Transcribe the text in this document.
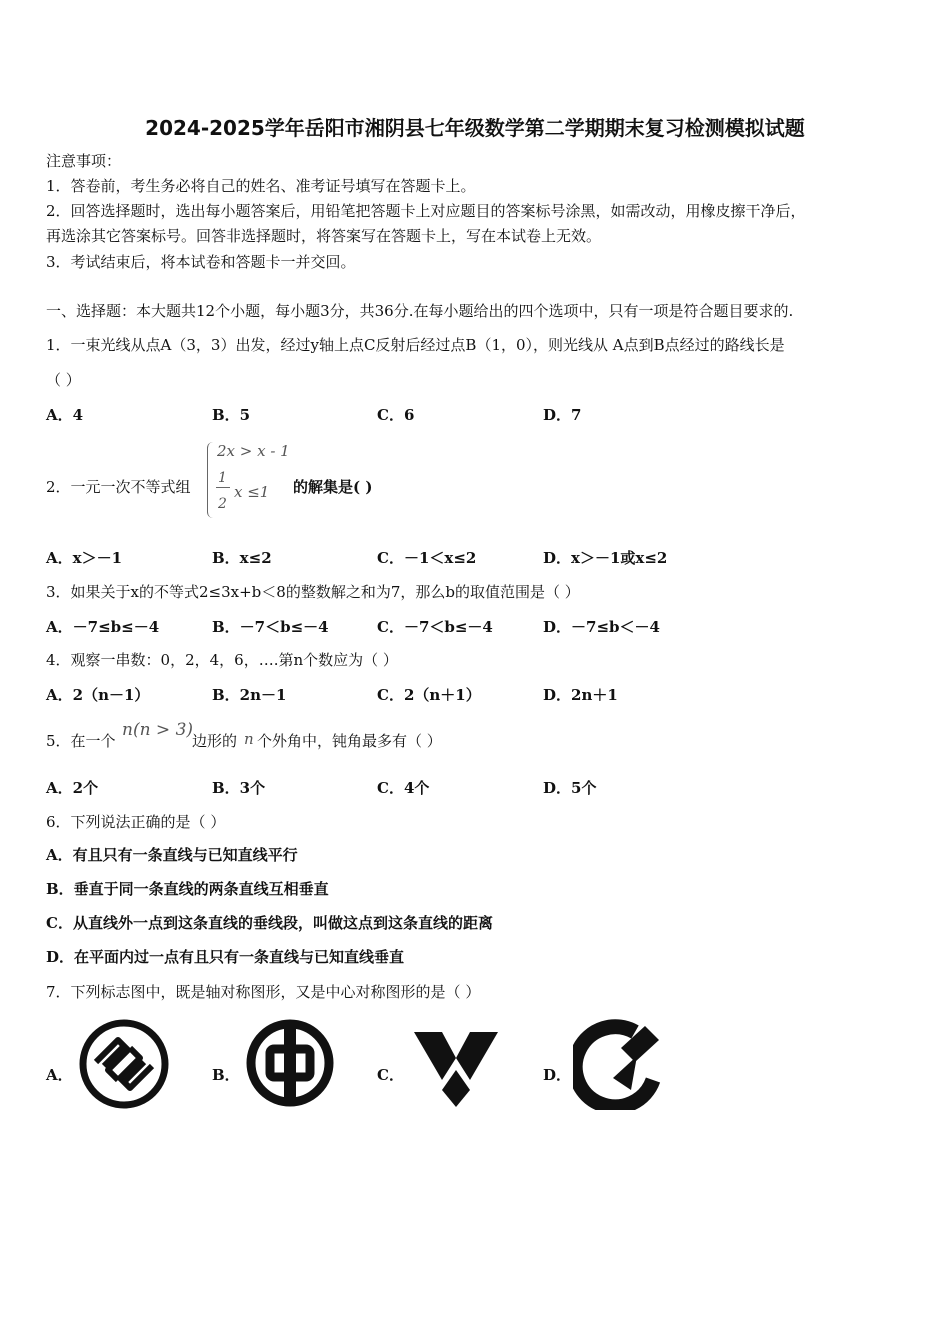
2024-2025学年岳阳市湘阴县七年级数学第二学期期末复习检测模拟试题
注意事项：
1．答卷前，考生务必将自己的姓名、准考证号填写在答题卡上。
2．回答选择题时，选出每小题答案后，用铅笔把答题卡上对应题目的答案标号涂黑，如需改动，用橡皮擦干净后，
再选涂其它答案标号。回答非选择题时，将答案写在答题卡上，写在本试卷上无效。
3．考试结束后，将本试卷和答题卡一并交回。
一、选择题：本大题共12个小题，每小题3分，共36分.在每小题给出的四个选项中，只有一项是符合题目要求的.
1．一束光线从点A（3，3）出发，经过y轴上点C反射后经过点B（1，0），则光线从 A点到B点经过的路线长是
（ ）
A．4	B．5	C．6	D．7
2．一元一次不等式组
2x > x - 1
1
2
x ≤1 的解集是( )
A．x＞－1	B．x≤2	C．－1＜x≤2	D．x＞－1或x≤2
3．如果关于x的不等式2≤3x+b＜8的整数解之和为7，那么b的取值范围是（ ）
A．－7≤b≤－4	B．－7＜b≤－4	C．－7＜b≤－4	D．－7≤b＜－4
4．观察一串数：0，2，4，6，….第n个数应为（ ）
A．2（n－1）	B．2n－1	C．2（n＋1）	D．2n＋1
5．在一个
n(n > 3)
边形的 n 个外角中，钝角最多有（ ）
A．2个	B．3个	C．4个	D．5个
6．下列说法正确的是（ ）
A．有且只有一条直线与已知直线平行
B．垂直于同一条直线的两条直线互相垂直
C．从直线外一点到这条直线的垂线段，叫做这点到这条直线的距离
D．在平面内过一点有且只有一条直线与已知直线垂直
7．下列标志图中，既是轴对称图形，又是中心对称图形的是（ ）
A．	B．	C．	D．
